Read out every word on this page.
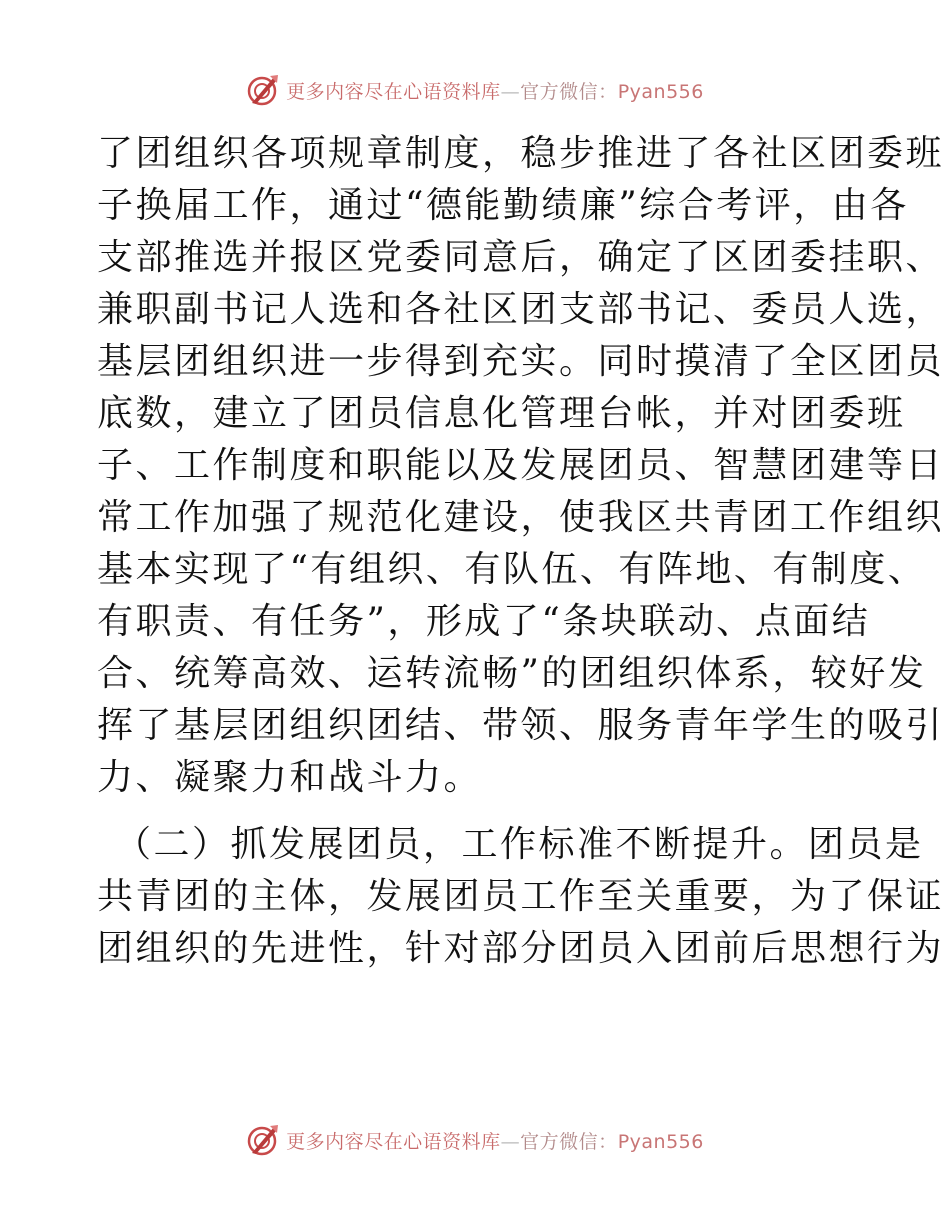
更多内容尽在心语资料库—官方微信：Pyan556
了团组织各项规章制度，稳步推进了各社区团委班
子换届工作，通过“德能勤绩廉”综合考评，由各
支部推选并报区党委同意后，确定了区团委挂职、
兼职副书记人选和各社区团支部书记、委员人选，
基层团组织进一步得到充实。同时摸清了全区团员
底数，建立了团员信息化管理台帐，并对团委班
子、工作制度和职能以及发展团员、智慧团建等日
常工作加强了规范化建设，使我区共青团工作组织
基本实现了“有组织、有队伍、有阵地、有制度、
有职责、有任务”，形成了“条块联动、点面结
合、统筹高效、运转流畅”的团组织体系，较好发
挥了基层团组织团结、带领、服务青年学生的吸引
力、凝聚力和战斗力。
（二）抓发展团员，工作标准不断提升。团员是
共青团的主体，发展团员工作至关重要，为了保证
团组织的先进性，针对部分团员入团前后思想行为
更多内容尽在心语资料库—官方微信：Pyan556
